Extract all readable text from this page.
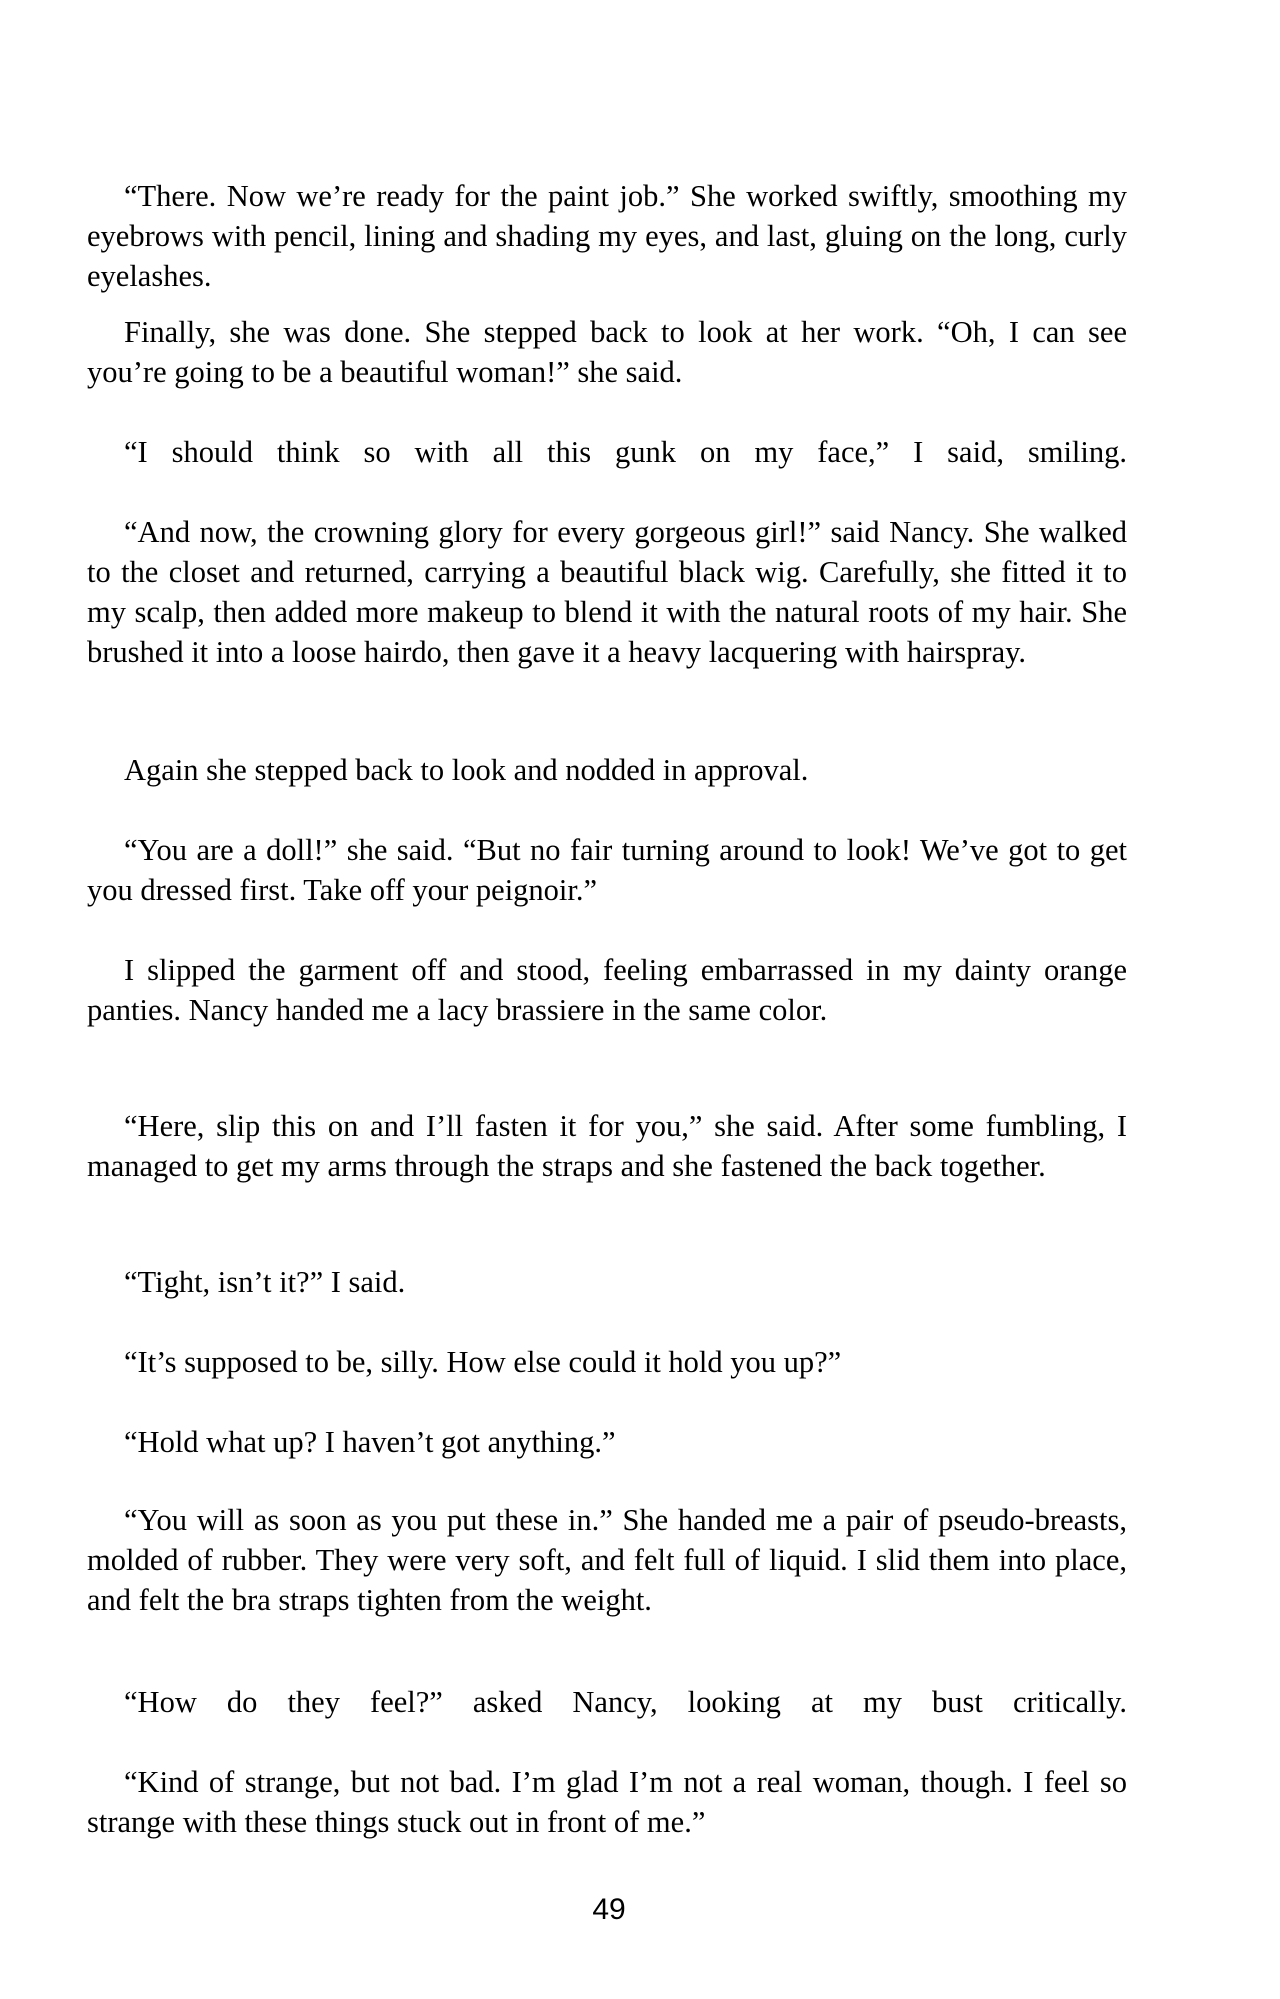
“There. Now we’re ready for the paint job.” She worked swiftly, smoothing my eyebrows with pencil, lining and shading my eyes, and last, gluing on the long, curly eyelashes.

Finally, she was done. She stepped back to look at her work. “Oh, I can see you’re going to be a beautiful woman!” she said.

“I should think so with all this gunk on my face,” I said, smiling.

“And now, the crowning glory for every gorgeous girl!” said Nancy. She walked to the closet and returned, carrying a beautiful black wig. Carefully, she fitted it to my scalp, then added more makeup to blend it with the natural roots of my hair. She brushed it into a loose hairdo, then gave it a heavy lacquering with hairspray.

Again she stepped back to look and nodded in approval.

“You are a doll!” she said. “But no fair turning around to look! We’ve got to get you dressed first. Take off your peignoir.”

I slipped the garment off and stood, feeling embarrassed in my dainty orange panties. Nancy handed me a lacy brassiere in the same color.

“Here, slip this on and I’ll fasten it for you,” she said. After some fumbling, I managed to get my arms through the straps and she fastened the back together.

“Tight, isn’t it?” I said.

“It’s supposed to be, silly. How else could it hold you up?”

“Hold what up? I haven’t got anything.”

“You will as soon as you put these in.” She handed me a pair of pseudo-breasts, molded of rubber. They were very soft, and felt full of liquid. I slid them into place, and felt the bra straps tighten from the weight.

“How do they feel?” asked Nancy, looking at my bust critically.

“Kind of strange, but not bad. I’m glad I’m not a real woman, though. I feel so strange with these things stuck out in front of me.”

49
